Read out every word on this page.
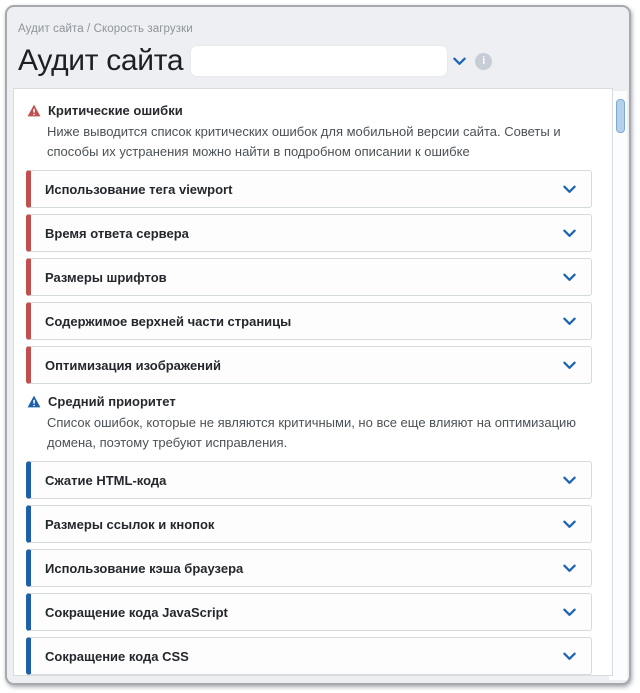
Аудит сайта / Скорость загрузки
Аудит сайта	i
Критические ошибки

Ниже выводится список критических ошибок для мобильной версии сайта. Советы и способы их устранения можно найти в подробном описании к ошибке

Использование тега viewport
Время ответа сервера
Размеры шрифтов
Содержимое верхней части страницы
Оптимизация изображений
Средний приоритет

Список ошибок, которые не являются критичными, но все еще влияют на оптимизацию домена, поэтому требуют исправления.

Сжатие HTML-кода
Размеры ссылок и кнопок
Использование кэша браузера
Сокращение кода JavaScript
Сокращение кода CSS
